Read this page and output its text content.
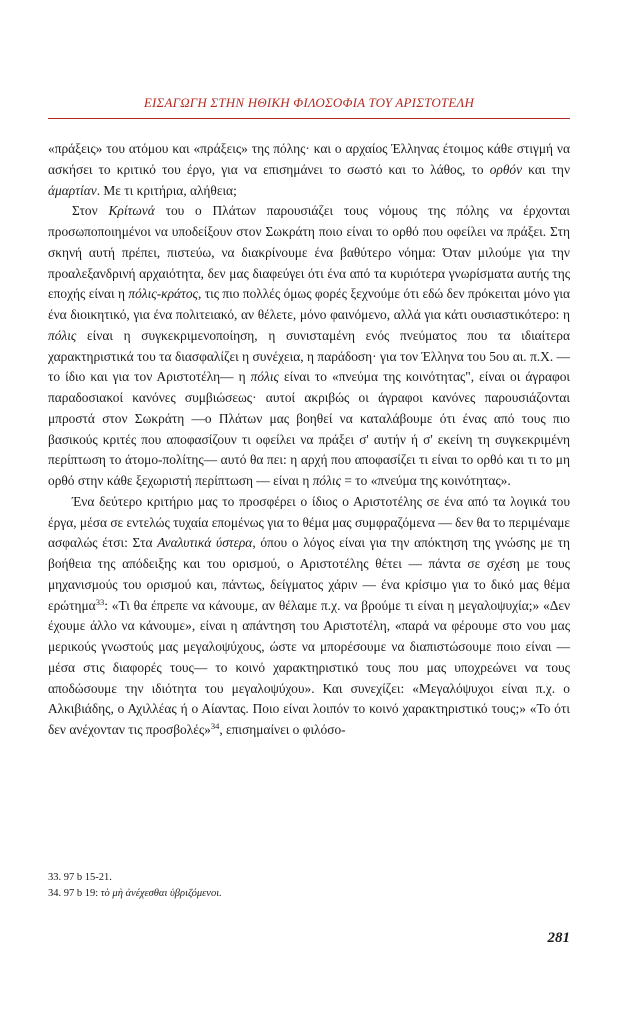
ΕΙΣΑΓΩΓΗ ΣΤΗΝ ΗΘΙΚΗ ΦΙΛΟΣΟΦΙΑ ΤΟΥ ΑΡΙΣΤΟΤΕΛΗ

«πράξεις» του ατόμου και «πράξεις» της πόλης· και ο αρχαίος Έλληνας έτοιμος κάθε στιγμή να ασκήσει το κριτικό του έργο, για να επισημάνει το σωστό και το λάθος, το ορθόν και την άμαρτίαν. Με τι κριτήρια, αλήθεια;

Στον Κρίτωνά του ο Πλάτων παρουσιάζει τους νόμους της πόλης να έρχονται προσωποποιημένοι να υποδείξουν στον Σωκράτη ποιο είναι το ορθό που οφείλει να πράξει. Στη σκηνή αυτή πρέπει, πιστεύω, να διακρίνουμε ένα βαθύτερο νόημα: Όταν μιλούμε για την προαλεξανδρινή αρχαιότητα, δεν μας διαφεύγει ότι ένα από τα κυριότερα γνωρίσματα αυτής της εποχής είναι η πόλις-κράτος, τις πιο πολλές όμως φορές ξεχνούμε ότι εδώ δεν πρόκειται μόνο για ένα διοικητικό, για ένα πολιτειακό, αν θέλετε, μόνο φαινόμενο, αλλά για κάτι ουσιαστικότερο: η πόλις είναι η συγκεκριμενοποίηση, η συνισταμένη ενός πνεύματος που τα ιδιαίτερα χαρακτηριστικά του τα διασφαλίζει η συνέχεια, η παράδοση· για τον Έλληνα του 5ου αι. π.Χ. —το ίδιο και για τον Αριστοτέλη— η πόλις είναι το «πνεύμα της κοινότητας", είναι οι άγραφοι παραδοσιακοί κανόνες συμβιώσεως· αυτοί ακριβώς οι άγραφοι κανόνες παρουσιάζονται μπροστά στον Σωκράτη —ο Πλάτων μας βοηθεί να καταλάβουμε ότι ένας από τους πιο βασικούς κριτές που αποφασίζουν τι οφείλει να πράξει σ' αυτήν ή σ' εκείνη τη συγκεκριμένη περίπτωση το άτομο-πολίτης— αυτό θα πει: η αρχή που αποφασίζει τι είναι το ορθό και τι το μη ορθό στην κάθε ξεχωριστή περίπτωση — είναι η πόλις = το «πνεύμα της κοινότητας».

Ένα δεύτερο κριτήριο μας το προσφέρει ο ίδιος ο Αριστοτέλης σε ένα από τα λογικά του έργα, μέσα σε εντελώς τυχαία επομένως για το θέμα μας συμφραζόμενα — δεν θα το περιμέναμε ασφαλώς έτσι: Στα Αναλυτικά ύστερα, όπου ο λόγος είναι για την απόκτηση της γνώσης με τη βοήθεια της απόδειξης και του ορισμού, ο Αριστοτέλης θέτει — πάντα σε σχέση με τους μηχανισμούς του ορισμού και, πάντως, δείγματος χάριν — ένα κρίσιμο για το δικό μας θέμα ερώτημα$^{33}$: «Τι θα έπρεπε να κάνουμε, αν θέλαμε π.χ. να βρούμε τι είναι η μεγαλοψυχία;» «Δεν έχουμε άλλο να κάνουμε», είναι η απάντηση του Αριστοτέλη, «παρά να φέρουμε στο νου μας μερικούς γνωστούς μας μεγαλοψύχους, ώστε να μπορέσουμε να διαπιστώσουμε ποιο είναι —μέσα στις διαφορές τους— το κοινό χαρακτηριστικό τους που μας υποχρεώνει να τους αποδώσουμε την ιδιότητα του μεγαλοψύχου». Και συνεχίζει: «Μεγαλόψυχοι είναι π.χ. ο Αλκιβιάδης, ο Αχιλλέας ή ο Αίαντας. Ποιο είναι λοιπόν το κοινό χαρακτηριστικό τους;» «Το ότι δεν ανέχονταν τις προσβολές»$^{34}$, επισημαίνει ο φιλόσο-

33. 97 b 15-21.
34. 97 b 19: τὸ μὴ ἀνέχεσθαι ὑβριζόμενοι.
281
